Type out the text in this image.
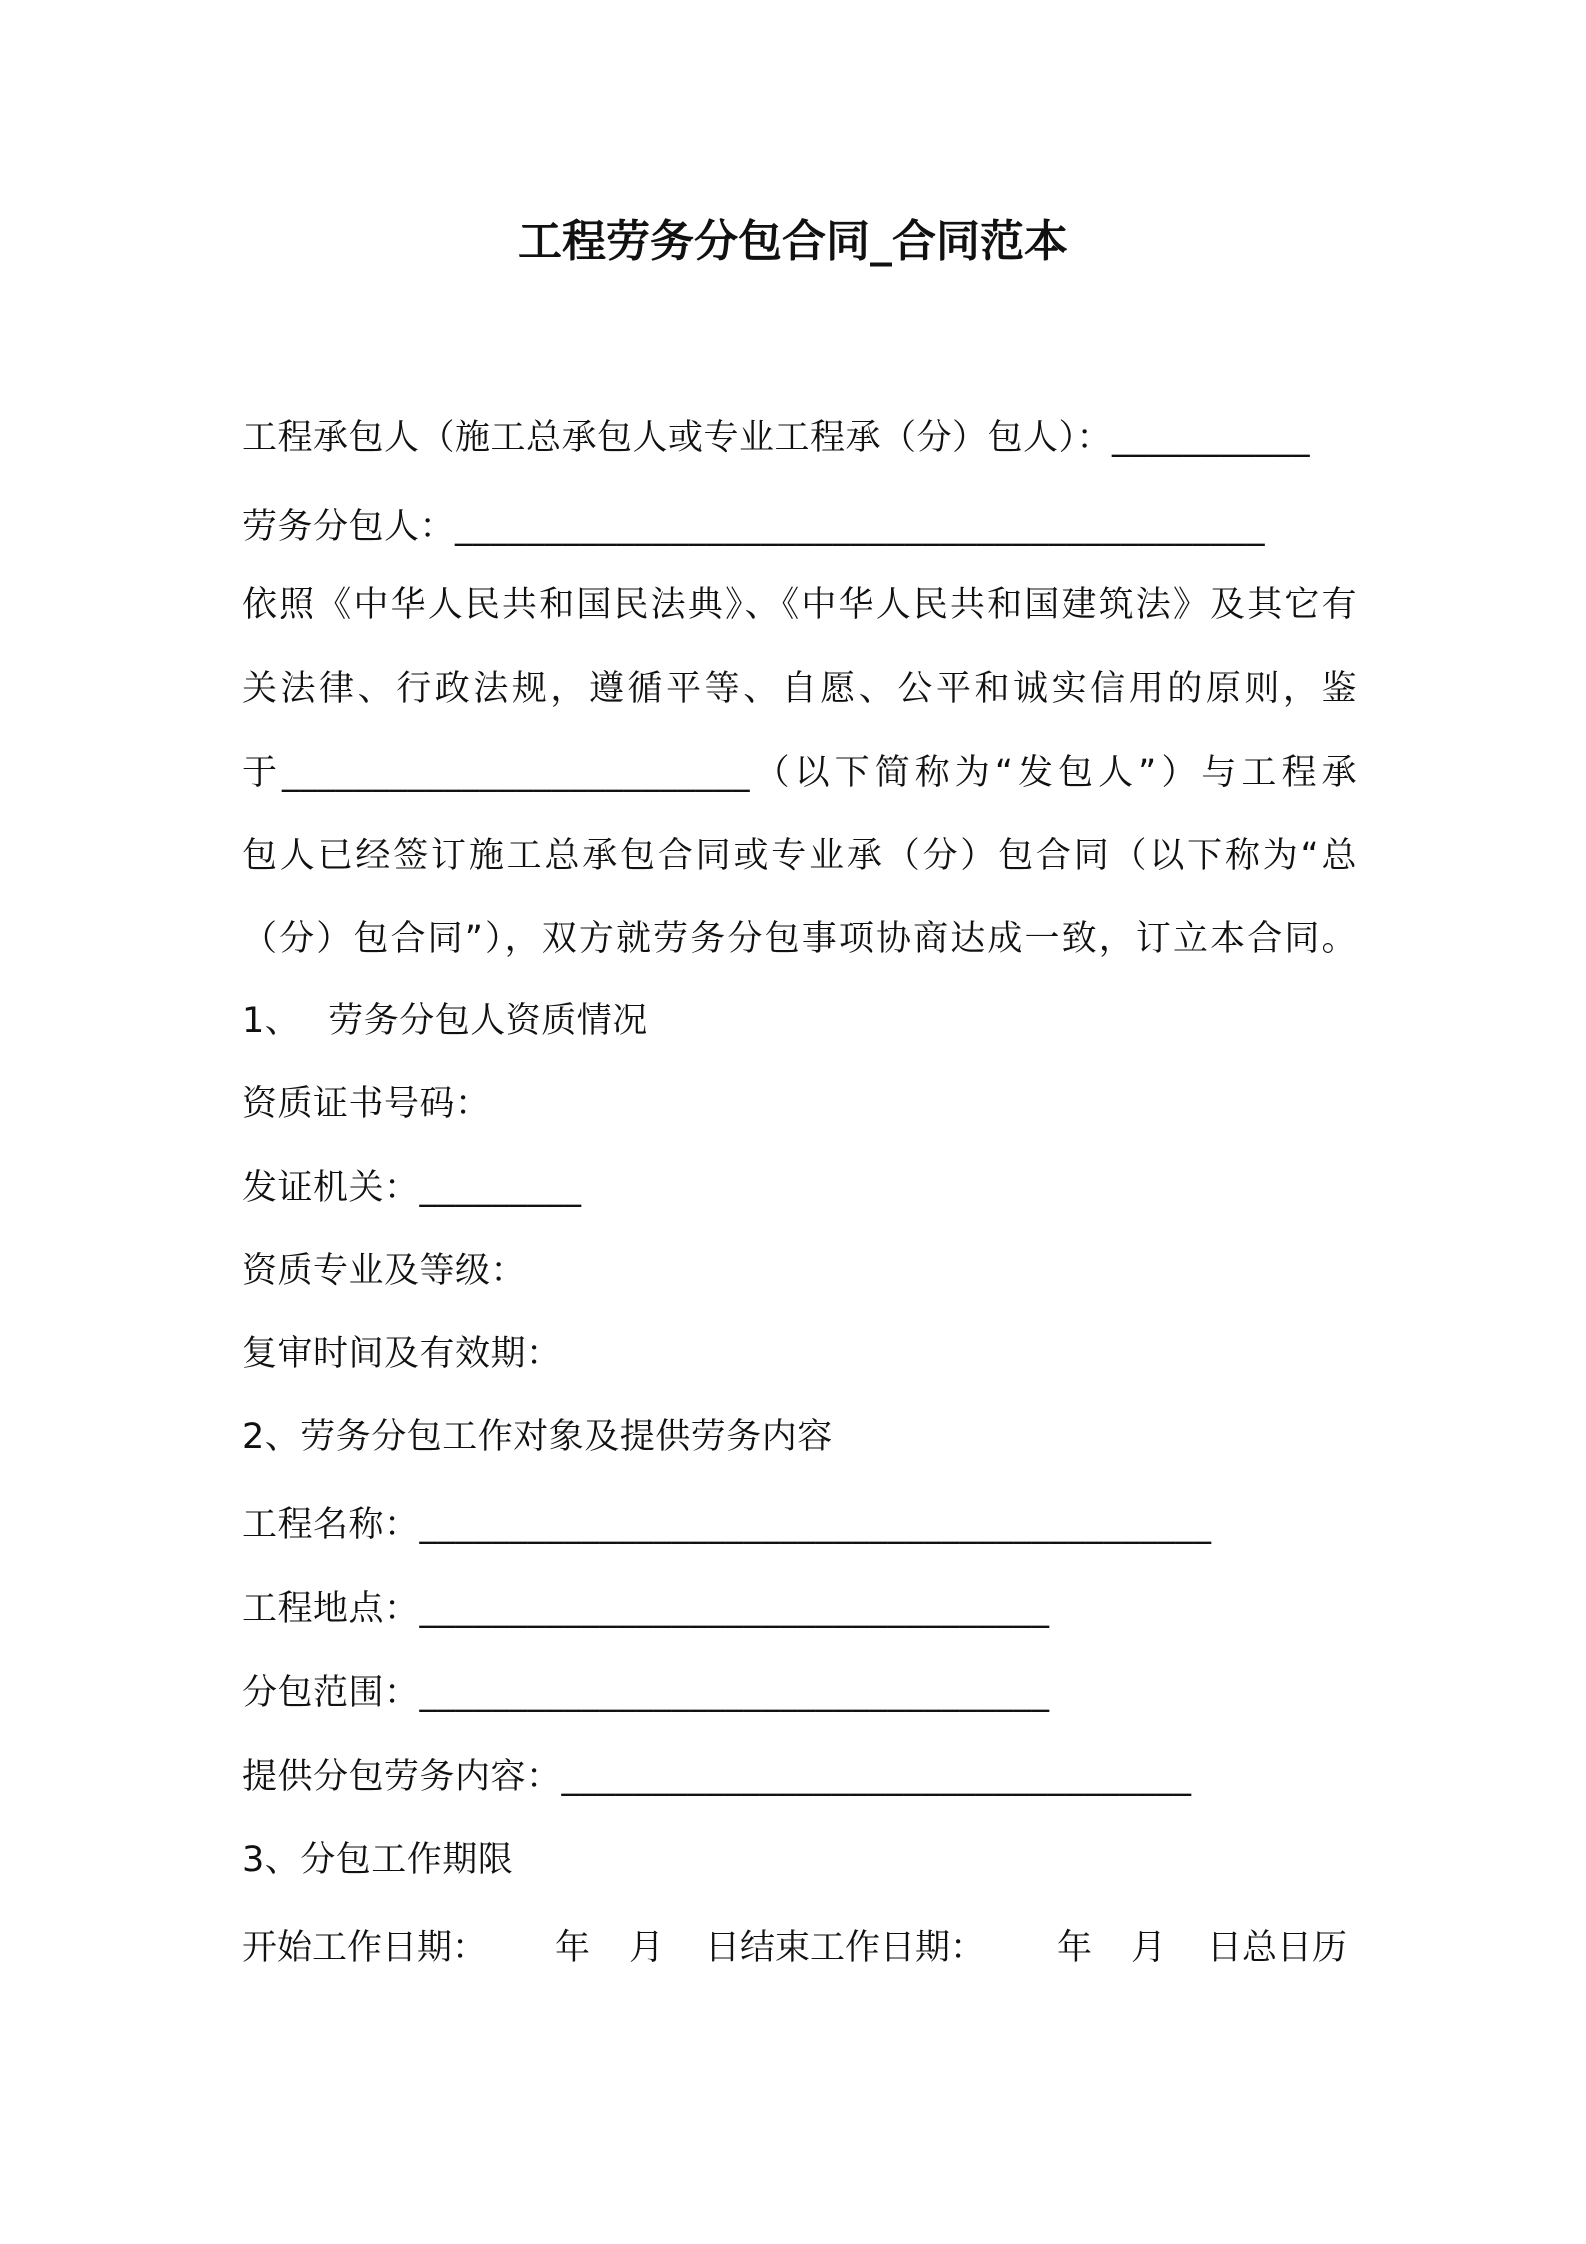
工程劳务分包合同_合同范本
工程承包人（施工总承包人或专业工程承（分）包人）：___________
劳务分包人：_____________________________________________
依照《中华人民共和国民法典》、《中华人民共和国建筑法》及其它有
关法律、行政法规，遵循平等、自愿、公平和诚实信用的原则，鉴
于__________________________（以下简称为“发包人”）与工程承
包人已经签订施工总承包合同或专业承（分）包合同（以下称为“总
（分）包合同”），双方就劳务分包事项协商达成一致，订立本合同。
1、 劳务分包人资质情况
资质证书号码：
发证机关：_________
资质专业及等级：
复审时间及有效期：
2、劳务分包工作对象及提供劳务内容
工程名称：____________________________________________
工程地点：___________________________________
分包范围：___________________________________
提供分包劳务内容：___________________________________
3、分包工作期限
开始工作日期： 年 月 日结束工作日期： 年 月 日总日历
